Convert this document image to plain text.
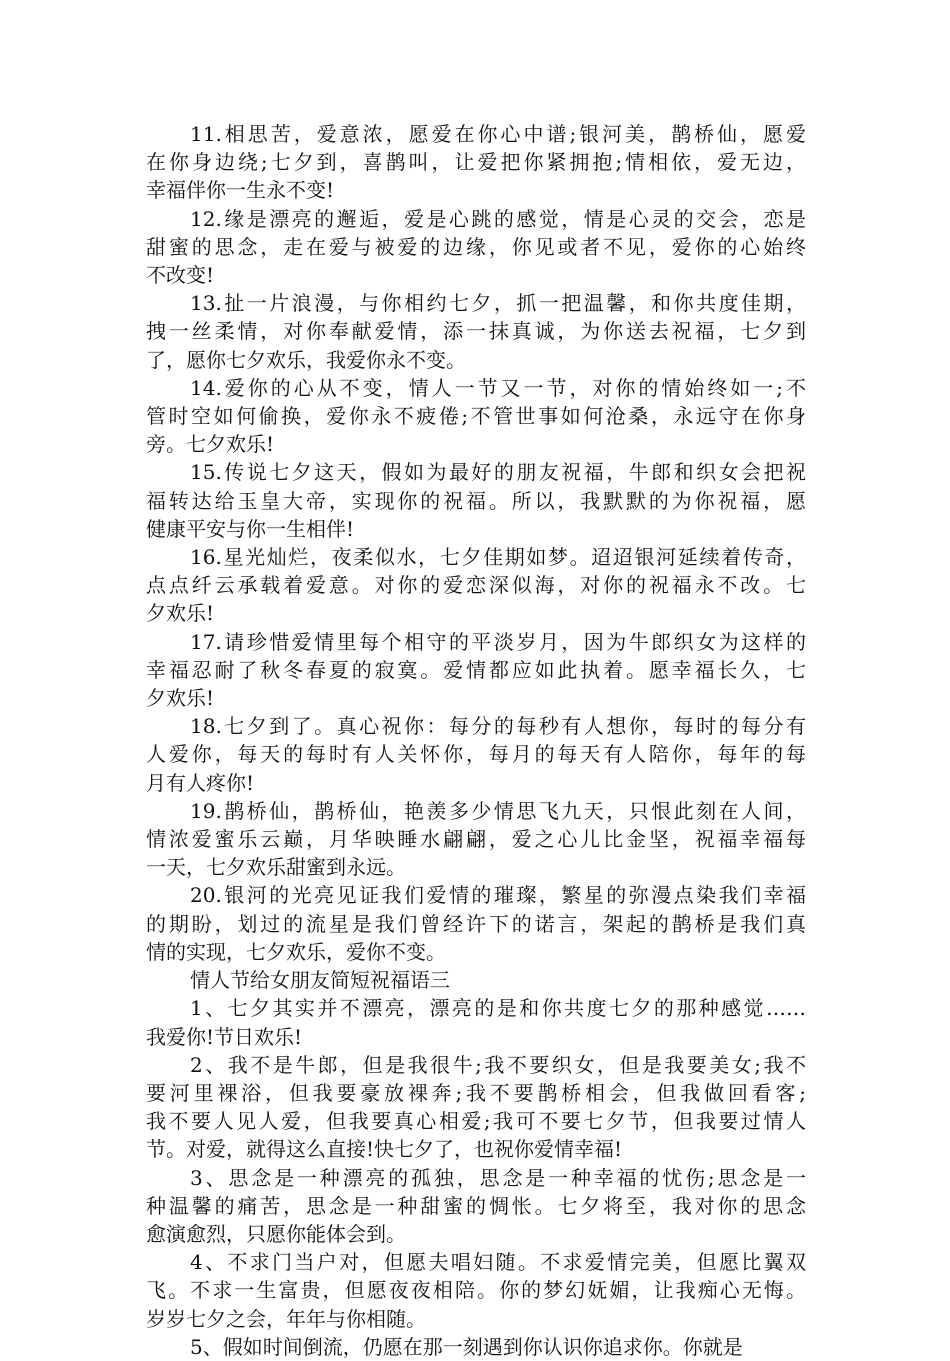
11.相思苦，爱意浓，愿爱在你心中谱;银河美，鹊桥仙，愿爱
在你身边绕;七夕到，喜鹊叫，让爱把你紧拥抱;情相依，爱无边，
幸福伴你一生永不变!
12.缘是漂亮的邂逅，爱是心跳的感觉，情是心灵的交会，恋是
甜蜜的思念，走在爱与被爱的边缘，你见或者不见，爱你的心始终
不改变!
13.扯一片浪漫，与你相约七夕，抓一把温馨，和你共度佳期，
拽一丝柔情，对你奉献爱情，添一抹真诚，为你送去祝福，七夕到
了，愿你七夕欢乐，我爱你永不变。
14.爱你的心从不变，情人一节又一节，对你的情始终如一;不
管时空如何偷换，爱你永不疲倦;不管世事如何沧桑，永远守在你身
旁。七夕欢乐!
15.传说七夕这天，假如为最好的朋友祝福，牛郎和织女会把祝
福转达给玉皇大帝，实现你的祝福。所以，我默默的为你祝福，愿
健康平安与你一生相伴!
16.星光灿烂，夜柔似水，七夕佳期如梦。迢迢银河延续着传奇，
点点纤云承载着爱意。对你的爱恋深似海，对你的祝福永不改。七
夕欢乐!
17.请珍惜爱情里每个相守的平淡岁月，因为牛郎织女为这样的
幸福忍耐了秋冬春夏的寂寞。爱情都应如此执着。愿幸福长久，七
夕欢乐!
18.七夕到了。真心祝你：每分的每秒有人想你，每时的每分有
人爱你，每天的每时有人关怀你，每月的每天有人陪你，每年的每
月有人疼你!
19.鹊桥仙，鹊桥仙，艳羡多少情思飞九天，只恨此刻在人间，
情浓爱蜜乐云巅，月华映睡水翩翩，爱之心儿比金坚，祝福幸福每
一天，七夕欢乐甜蜜到永远。
20.银河的光亮见证我们爱情的璀璨，繁星的弥漫点染我们幸福
的期盼，划过的流星是我们曾经许下的诺言，架起的鹊桥是我们真
情的实现，七夕欢乐，爱你不变。
情人节给女朋友简短祝福语三
1、七夕其实并不漂亮，漂亮的是和你共度七夕的那种感觉……
我爱你!节日欢乐!
2、我不是牛郎，但是我很牛;我不要织女，但是我要美女;我不
要河里裸浴，但我要豪放裸奔;我不要鹊桥相会，但我做回看客;
我不要人见人爱，但我要真心相爱;我可不要七夕节，但我要过情人
节。对爱，就得这么直接!快七夕了，也祝你爱情幸福!
3、思念是一种漂亮的孤独，思念是一种幸福的忧伤;思念是一
种温馨的痛苦，思念是一种甜蜜的惆怅。七夕将至，我对你的思念
愈演愈烈，只愿你能体会到。
4、不求门当户对，但愿夫唱妇随。不求爱情完美，但愿比翼双
飞。不求一生富贵，但愿夜夜相陪。你的梦幻妩媚，让我痴心无悔。
岁岁七夕之会，年年与你相随。
5、假如时间倒流，仍愿在那一刻遇到你认识你追求你。你就是
